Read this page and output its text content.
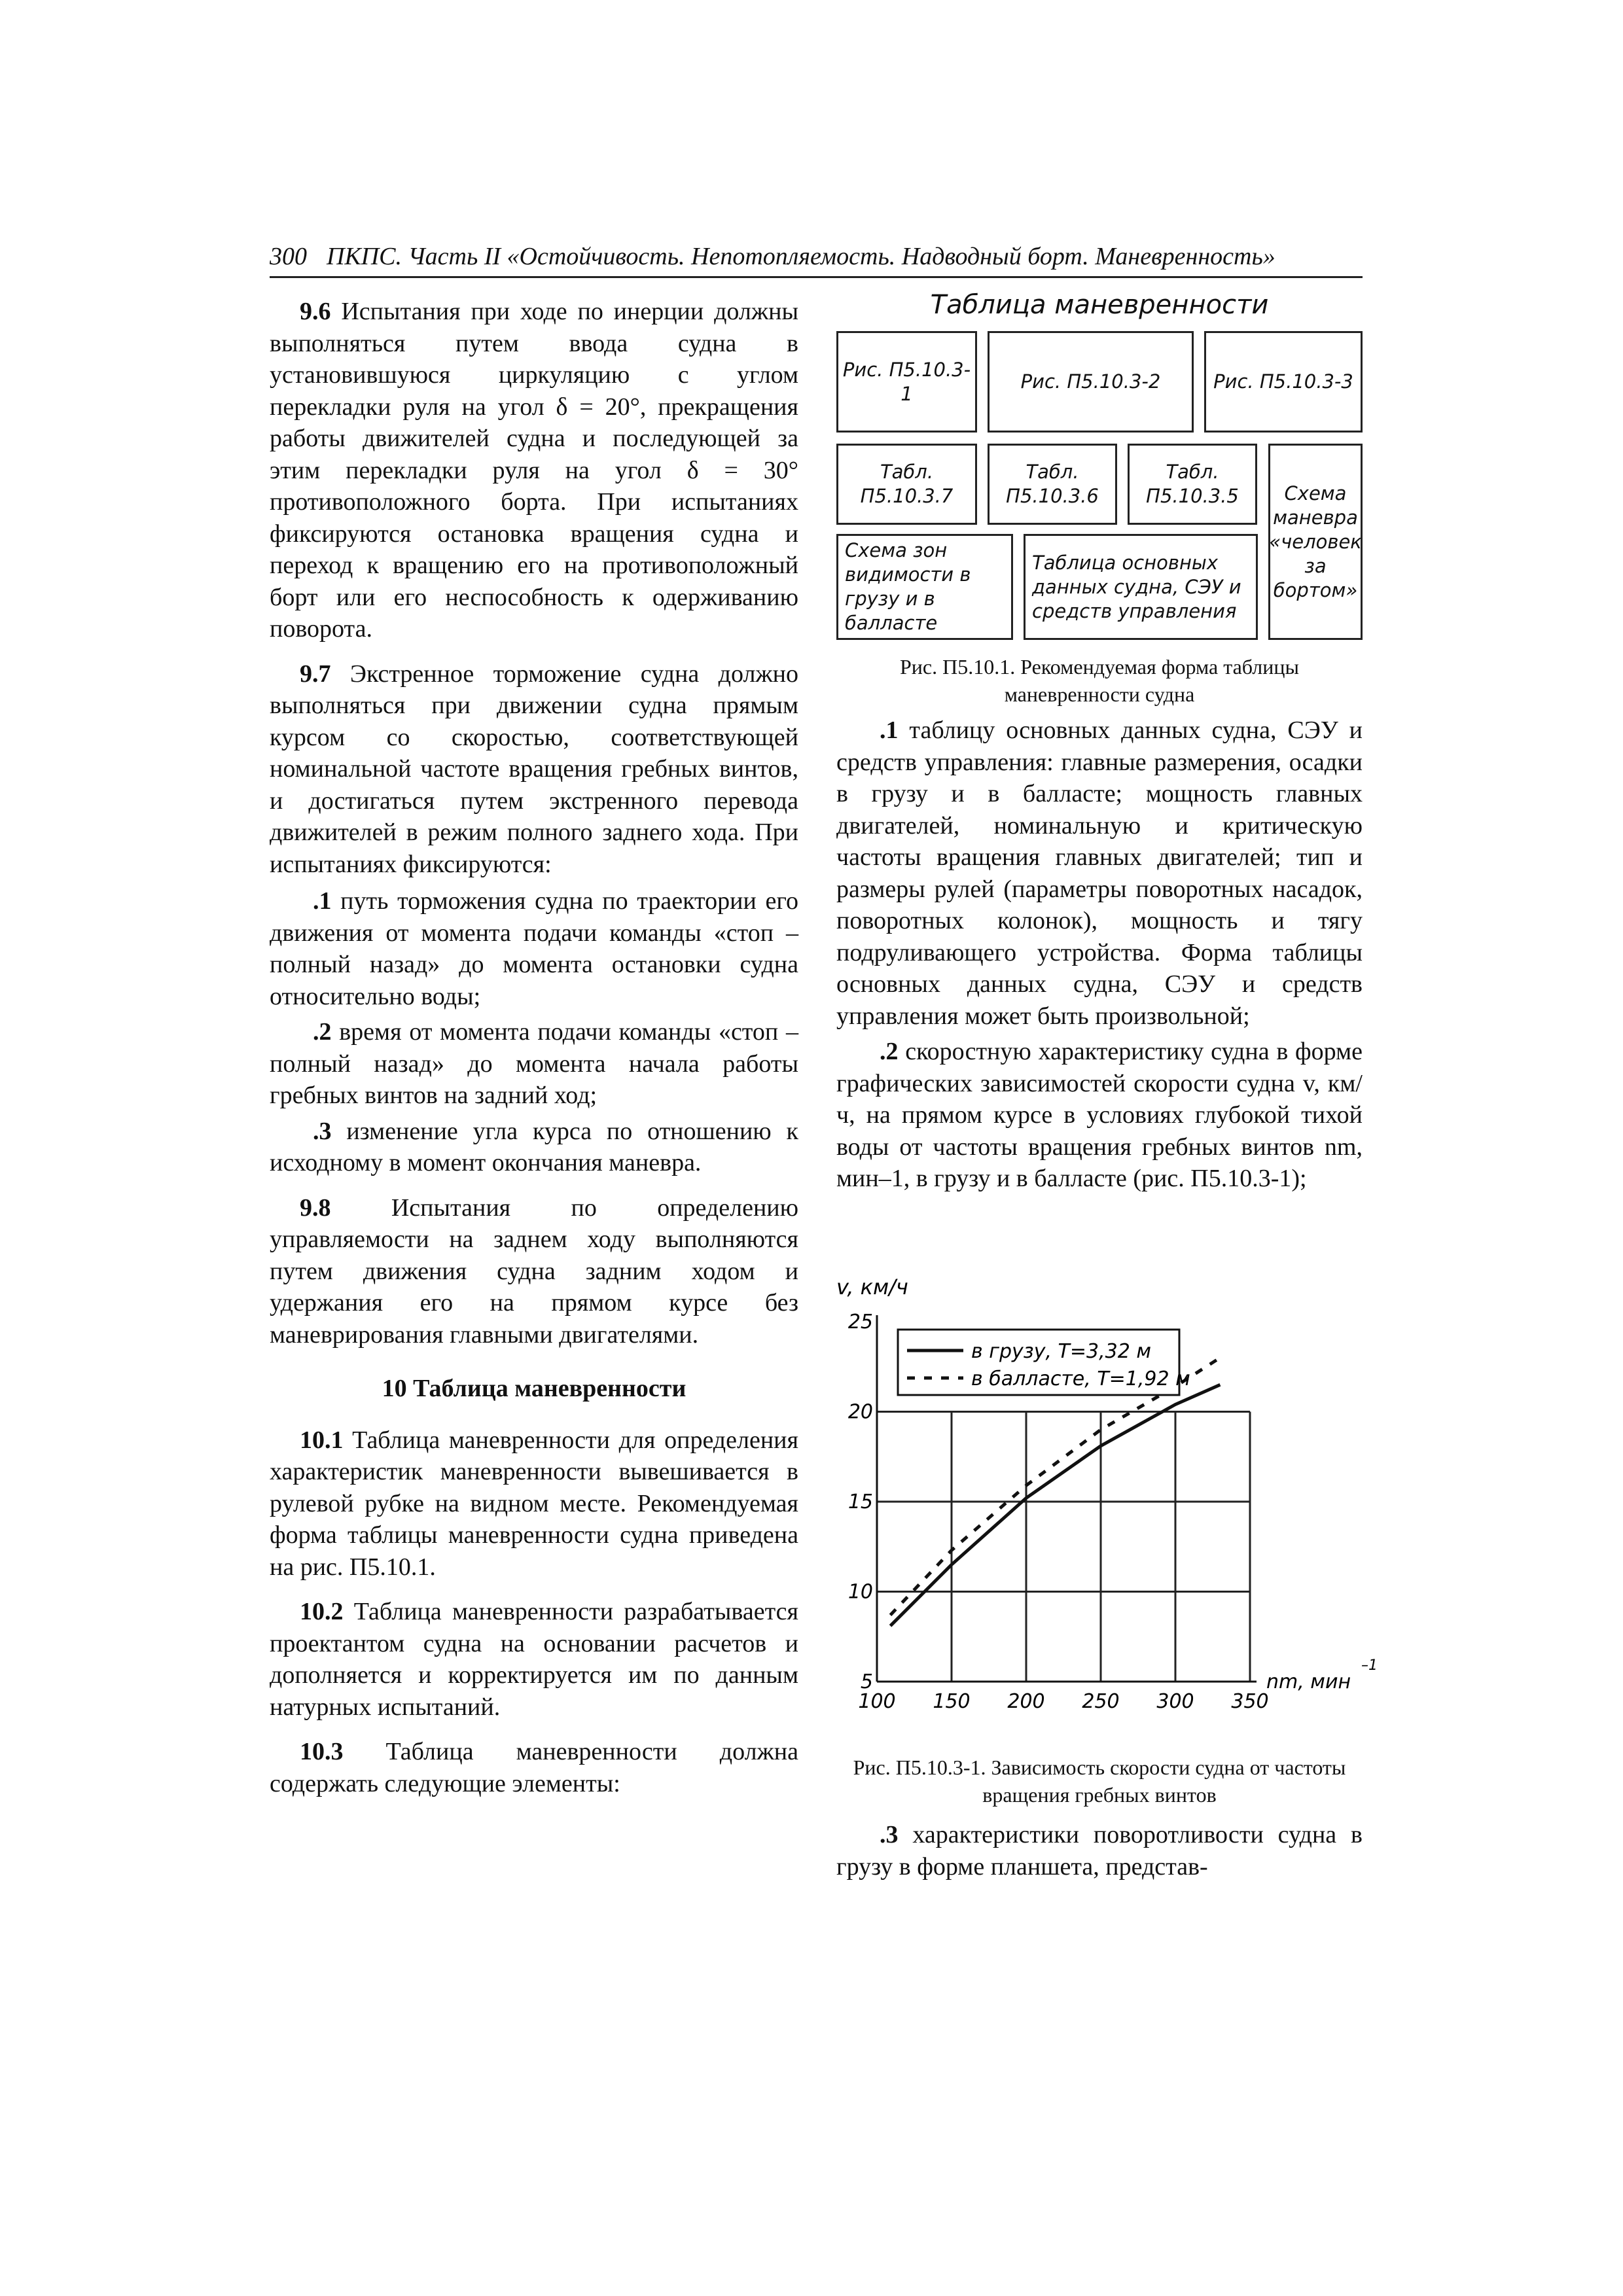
300 ПКПС. Часть II «Остойчивость. Непотопляемость. Надводный борт. Маневренность»

9.6 Испытания при ходе по инерции должны выполняться путем ввода судна в установившуюся циркуляцию с углом перекладки руля на угол δ = 20°, прекращения работы движителей судна и последующей за этим перекладки руля на угол δ = 30° противоположного борта. При испытаниях фиксируются остановка вращения судна и переход к вращению его на противоположный борт или его неспособность к одерживанию поворота.

9.7 Экстренное торможение судна должно выполняться при движении судна прямым курсом со скоростью, соответствующей номинальной частоте вращения гребных винтов, и достигаться путем экстренного перевода движителей в режим полного заднего хода. При испытаниях фиксируются:

.1 путь торможения судна по траектории его движения от момента подачи команды «стоп – полный назад» до момента остановки судна относительно воды;

.2 время от момента подачи команды «стоп – полный назад» до момента начала работы гребных винтов на задний ход;

.3 изменение угла курса по отношению к исходному в момент окончания маневра.

9.8 Испытания по определению управляемости на заднем ходу выполняются путем движения судна задним ходом и удержания его на прямом курсе без маневрирования главными двигателями.

10 Таблица маневренности

10.1 Таблица маневренности для определения характеристик маневренности вывешивается в рулевой рубке на видном месте. Рекомендуемая форма таблицы маневренности судна приведена на рис. П5.10.1.

10.2 Таблица маневренности разрабатывается проектантом судна на основании расчетов и дополняется и корректируется им по данным натурных испытаний.

10.3 Таблица маневренности должна содержать следующие элементы:

Таблица маневренности
Рис. П5.10.3-1
Рис. П5.10.3-2	Рис. П5.10.3-3
Табл. П5.10.3.7
Табл. П5.10.3.6
Табл. П5.10.3.5	Схема маневра «человек за бортом»
Схема зон видимости в грузу и в балласте
Таблица основных данных судна, СЭУ и средств управления
Рис. П5.10.1. Рекомендуемая форма таблицы маневренности судна

.1 таблицу основных данных судна, СЭУ и средств управления: главные размерения, осадки в грузу и в балласте; мощность главных двигателей, номинальную и критическую частоты вращения главных двигателей; тип и размеры рулей (параметры поворотных насадок, поворотных колонок), мощность и тягу подруливающего устройства. Форма таблицы основных данных судна, СЭУ и средств управления может быть произвольной;

.2 скоростную характеристику судна в форме графических зависимостей скорости судна v, км/ч, на прямом курсе в условиях глубокой тихой воды от частоты вращения гребных винтов nm, мин–1, в грузу и в балласте (рис. П5.10.3-1);

100 150 200 250 300 350
5
10
15
20
25
v, км/ч
nm, мин
–1
в грузу, Т=3,32 м
в балласте, Т=1,92 м
Рис. П5.10.3-1. Зависимость скорости судна от частоты вращения гребных винтов

.3 характеристики поворотливости судна в грузу в форме планшета, представ-
